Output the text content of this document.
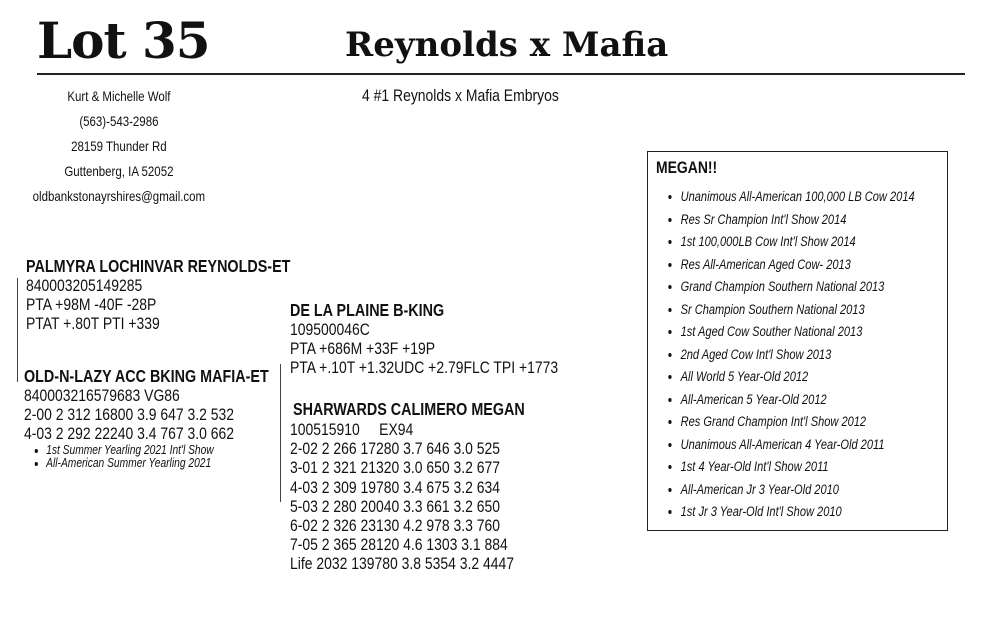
Lot 35	Reynolds x Mafia
Kurt & Michelle Wolf
(563)-543-2986
28159 Thunder Rd
Guttenberg, IA 52052
oldbankstonayrshires@gmail.com
4 #1 Reynolds x Mafia Embryos
PALMYRA LOCHINVAR REYNOLDS-ET
840003205149285
PTA +98M -40F -28P
PTAT +.80T PTI +339
OLD-N-LAZY ACC BKING MAFIA-ET
840003216579683 VG86
2-00 2 312 16800 3.9 647 3.2 532
4-03 2 292 22240 3.4 767 3.0 662
• 1st Summer Yearling 2021 Int'l Show
• All-American Summer Yearling 2021
DE LA PLAINE B-KING
109500046C
PTA +686M +33F +19P
PTA +.10T +1.32UDC +2.79FLC TPI +1773
SHARWARDS CALIMERO MEGAN
100515910     EX94
2-02 2 266 17280 3.7 646 3.0 525
3-01 2 321 21320 3.0 650 3.2 677
4-03 2 309 19780 3.4 675 3.2 634
5-03 2 280 20040 3.3 661 3.2 650
6-02 2 326 23130 4.2 978 3.3 760
7-05 2 365 28120 4.6 1303 3.1 884
Life 2032 139780 3.8 5354 3.2 4447
MEGAN!!
• Unanimous All-American 100,000 LB Cow 2014
• Res Sr Champion Int'l Show 2014
• 1st 100,000LB Cow Int'l Show 2014
• Res All-American Aged Cow- 2013
• Grand Champion Southern National 2013
• Sr Champion Southern National 2013
• 1st Aged Cow Souther National 2013
• 2nd Aged Cow Int'l Show 2013
• All World 5 Year-Old 2012
• All-American 5 Year-Old 2012
• Res Grand Champion Int'l Show 2012
• Unanimous All-American 4 Year-Old 2011
• 1st 4 Year-Old Int'l Show 2011
• All-American Jr 3 Year-Old 2010
• 1st Jr 3 Year-Old Int'l Show 2010
